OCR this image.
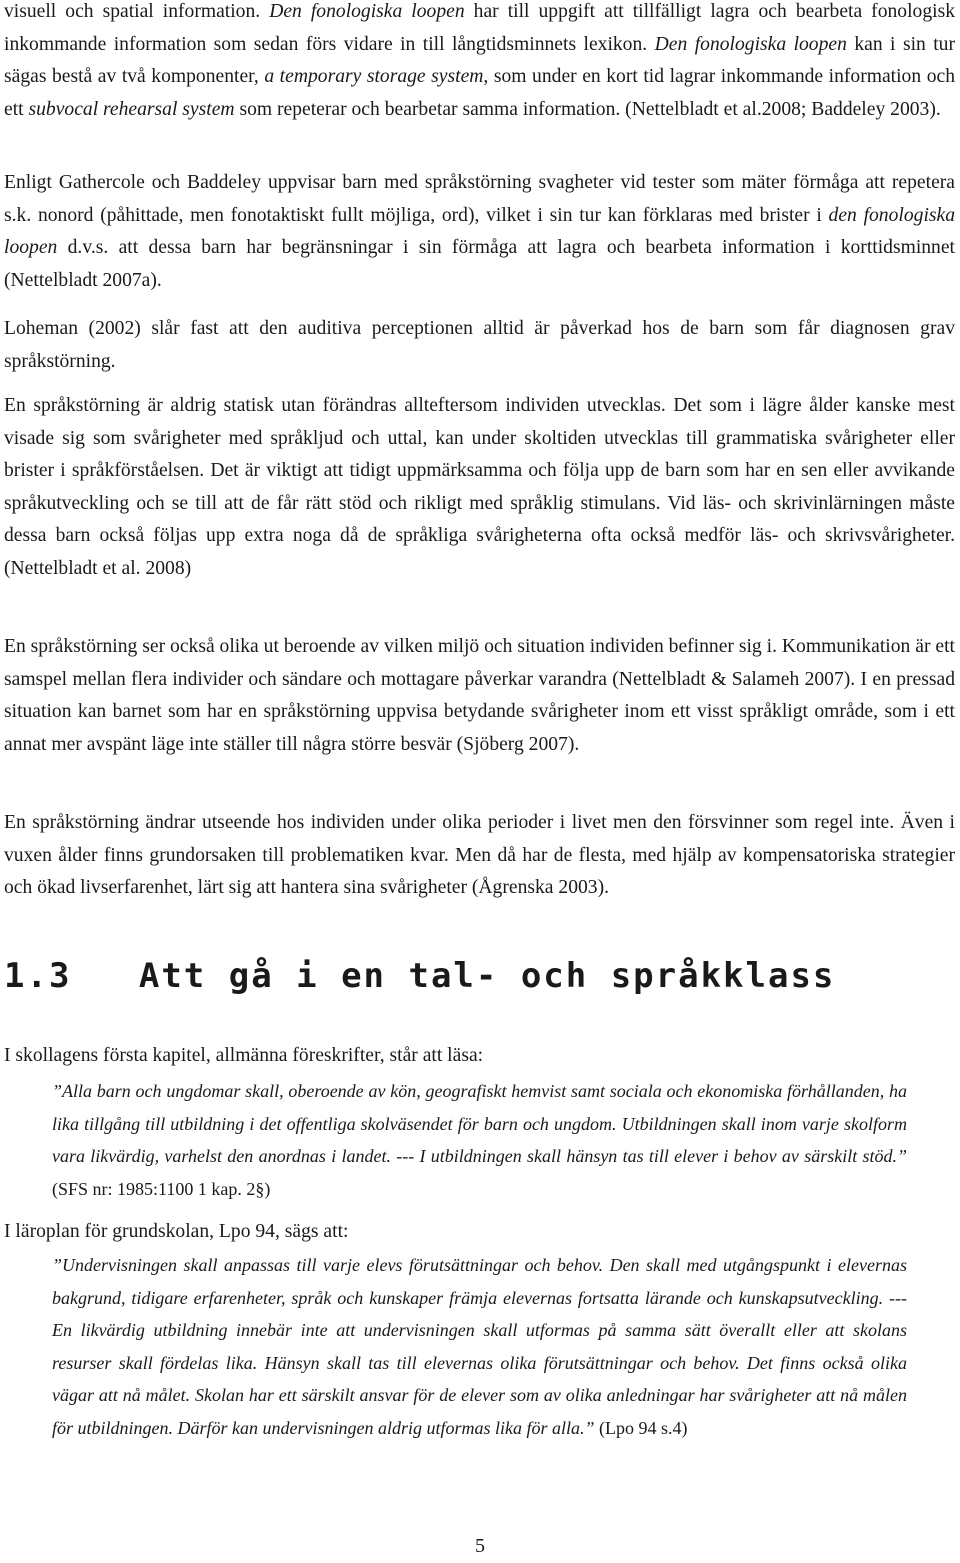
visuell och spatial information. Den fonologiska loopen har till uppgift att tillfälligt lagra och bearbeta fonologisk inkommande information som sedan förs vidare in till långtidsminnets lexikon. Den fonologiska loopen kan i sin tur sägas bestå av två komponenter, a temporary storage system, som under en kort tid lagrar inkommande information och ett subvocal rehearsal system som repeterar och bearbetar samma information. (Nettelbladt et al.2008; Baddeley 2003).

Enligt Gathercole och Baddeley uppvisar barn med språkstörning svagheter vid tester som mäter förmåga att repetera s.k. nonord (påhittade, men fonotaktiskt fullt möjliga, ord), vilket i sin tur kan förklaras med brister i den fonologiska loopen d.v.s. att dessa barn har begränsningar i sin förmåga att lagra och bearbeta information i korttidsminnet (Nettelbladt 2007a).

Loheman (2002) slår fast att den auditiva perceptionen alltid är påverkad hos de barn som får diagnosen grav språkstörning.

En språkstörning är aldrig statisk utan förändras allteftersom individen utvecklas. Det som i lägre ålder kanske mest visade sig som svårigheter med språkljud och uttal, kan under skoltiden utvecklas till grammatiska svårigheter eller brister i språkförståelsen. Det är viktigt att tidigt uppmärksamma och följa upp de barn som har en sen eller avvikande språkutveckling och se till att de får rätt stöd och rikligt med språklig stimulans. Vid läs- och skrivinlärningen måste dessa barn också följas upp extra noga då de språkliga svårigheterna ofta också medför läs- och skrivsvårigheter. (Nettelbladt et al. 2008)

En språkstörning ser också olika ut beroende av vilken miljö och situation individen befinner sig i. Kommunikation är ett samspel mellan flera individer och sändare och mottagare påverkar varandra (Nettelbladt & Salameh 2007). I en pressad situation kan barnet som har en språkstörning uppvisa betydande svårigheter inom ett visst språkligt område, som i ett annat mer avspänt läge inte ställer till några större besvär (Sjöberg 2007).

En språkstörning ändrar utseende hos individen under olika perioder i livet men den försvinner som regel inte. Även i vuxen ålder finns grundorsaken till problematiken kvar. Men då har de flesta, med hjälp av kompensatoriska strategier och ökad livserfarenhet, lärt sig att hantera sina svårigheter (Ågrenska 2003).

1.3 Att gå i en tal- och språkklass

I skollagens första kapitel, allmänna föreskrifter, står att läsa:

”Alla barn och ungdomar skall, oberoende av kön, geografiskt hemvist samt sociala och ekonomiska förhållanden, ha lika tillgång till utbildning i det offentliga skolväsendet för barn och ungdom. Utbildningen skall inom varje skolform vara likvärdig, varhelst den anordnas i landet. --- I utbildningen skall hänsyn tas till elever i behov av särskilt stöd.” (SFS nr: 1985:1100 1 kap. 2§)

I läroplan för grundskolan, Lpo 94, sägs att:

”Undervisningen skall anpassas till varje elevs förutsättningar och behov. Den skall med utgångspunkt i elevernas bakgrund, tidigare erfarenheter, språk och kunskaper främja elevernas fortsatta lärande och kunskapsutveckling. --- En likvärdig utbildning innebär inte att undervisningen skall utformas på samma sätt överallt eller att skolans resurser skall fördelas lika. Hänsyn skall tas till elevernas olika förutsättningar och behov. Det finns också olika vägar att nå målet. Skolan har ett särskilt ansvar för de elever som av olika anledningar har svårigheter att nå målen för utbildningen. Därför kan undervisningen aldrig utformas lika för alla.” (Lpo 94 s.4)

5
